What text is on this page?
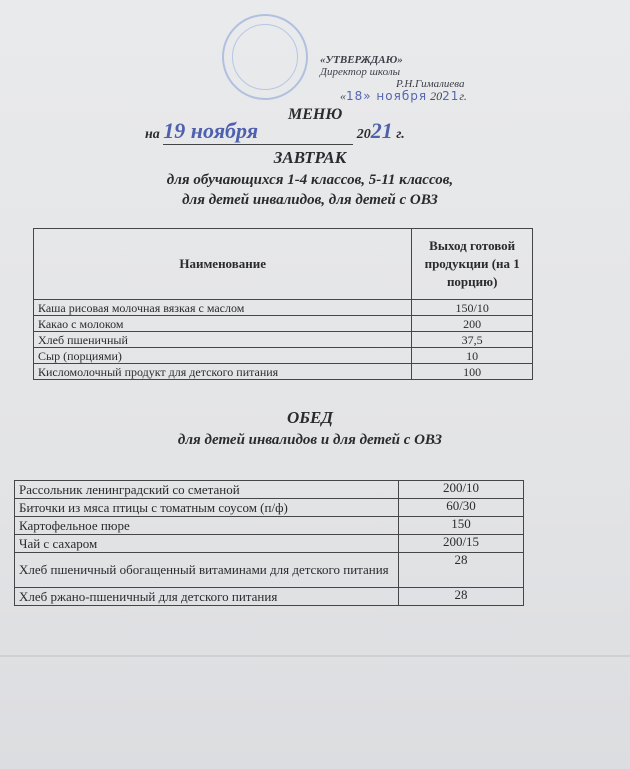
«УТВЕРЖДАЮ»
Директор школы
Р.Н.Гималиева
«18» ноября 2021г.
МЕНЮ
на 19 ноября	2021 г.
ЗАВТРАК
для обучающихся 1-4 классов, 5-11 классов,
для детей инвалидов, для детей с ОВЗ
Наименование	Выход готовой продукции (на 1 порцию)
Каша рисовая молочная вязкая с маслом	150/10
Какао с молоком	200
Хлеб пшеничный	37,5
Сыр (порциями)	10
Кисломолочный продукт для детского питания	100
ОБЕД
для детей инвалидов и для детей с ОВЗ
Рассольник ленинградский со сметаной	200/10
Биточки из мяса птицы с томатным соусом (п/ф)	60/30
Картофельное пюре	150
Чай с сахаром	200/15
Хлеб пшеничный обогащенный витаминами для детского питания	28
Хлеб ржано-пшеничный для детского питания	28
